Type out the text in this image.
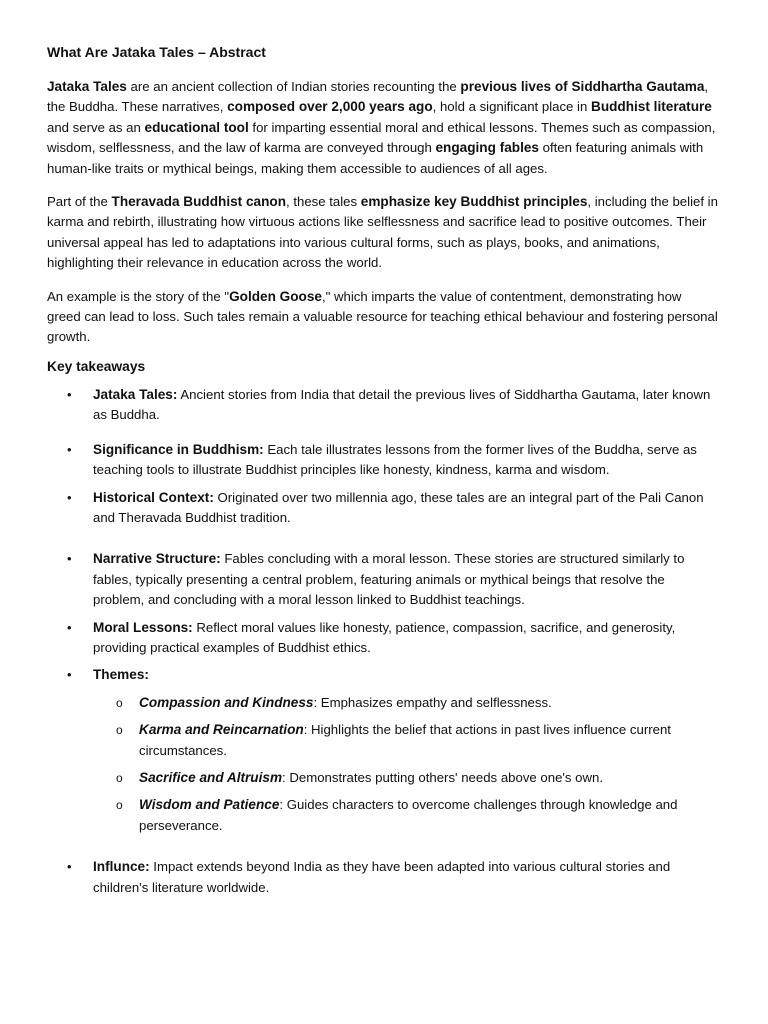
What Are Jataka Tales – Abstract

Jataka Tales are an ancient collection of Indian stories recounting the previous lives of Siddhartha Gautama, the Buddha. These narratives, composed over 2,000 years ago, hold a significant place in Buddhist literature and serve as an educational tool for imparting essential moral and ethical lessons. Themes such as compassion, wisdom, selflessness, and the law of karma are conveyed through engaging fables often featuring animals with human-like traits or mythical beings, making them accessible to audiences of all ages.

Part of the Theravada Buddhist canon, these tales emphasize key Buddhist principles, including the belief in karma and rebirth, illustrating how virtuous actions like selflessness and sacrifice lead to positive outcomes. Their universal appeal has led to adaptations into various cultural forms, such as plays, books, and animations, highlighting their relevance in education across the world.

An example is the story of the "Golden Goose," which imparts the value of contentment, demonstrating how greed can lead to loss. Such tales remain a valuable resource for teaching ethical behaviour and fostering personal growth.

Key takeaways
• Jataka Tales: Ancient stories from India that detail the previous lives of Siddhartha Gautama, later known as Buddha.
• Significance in Buddhism: Each tale illustrates lessons from the former lives of the Buddha, serve as teaching tools to illustrate Buddhist principles like honesty, kindness, karma and wisdom.
• Historical Context: Originated over two millennia ago, these tales are an integral part of the Pali Canon and Theravada Buddhist tradition.
• Narrative Structure: Fables concluding with a moral lesson. These stories are structured similarly to fables, typically presenting a central problem, featuring animals or mythical beings that resolve the problem, and concluding with a moral lesson linked to Buddhist teachings.
• Moral Lessons: Reflect moral values like honesty, patience, compassion, sacrifice, and generosity, providing practical examples of Buddhist ethics.
• Themes:
o Compassion and Kindness: Emphasizes empathy and selflessness.
o Karma and Reincarnation: Highlights the belief that actions in past lives influence current circumstances.
o Sacrifice and Altruism: Demonstrates putting others' needs above one's own.
o Wisdom and Patience: Guides characters to overcome challenges through knowledge and perseverance.
• Influnce: Impact extends beyond India as they have been adapted into various cultural stories and children's literature worldwide.
